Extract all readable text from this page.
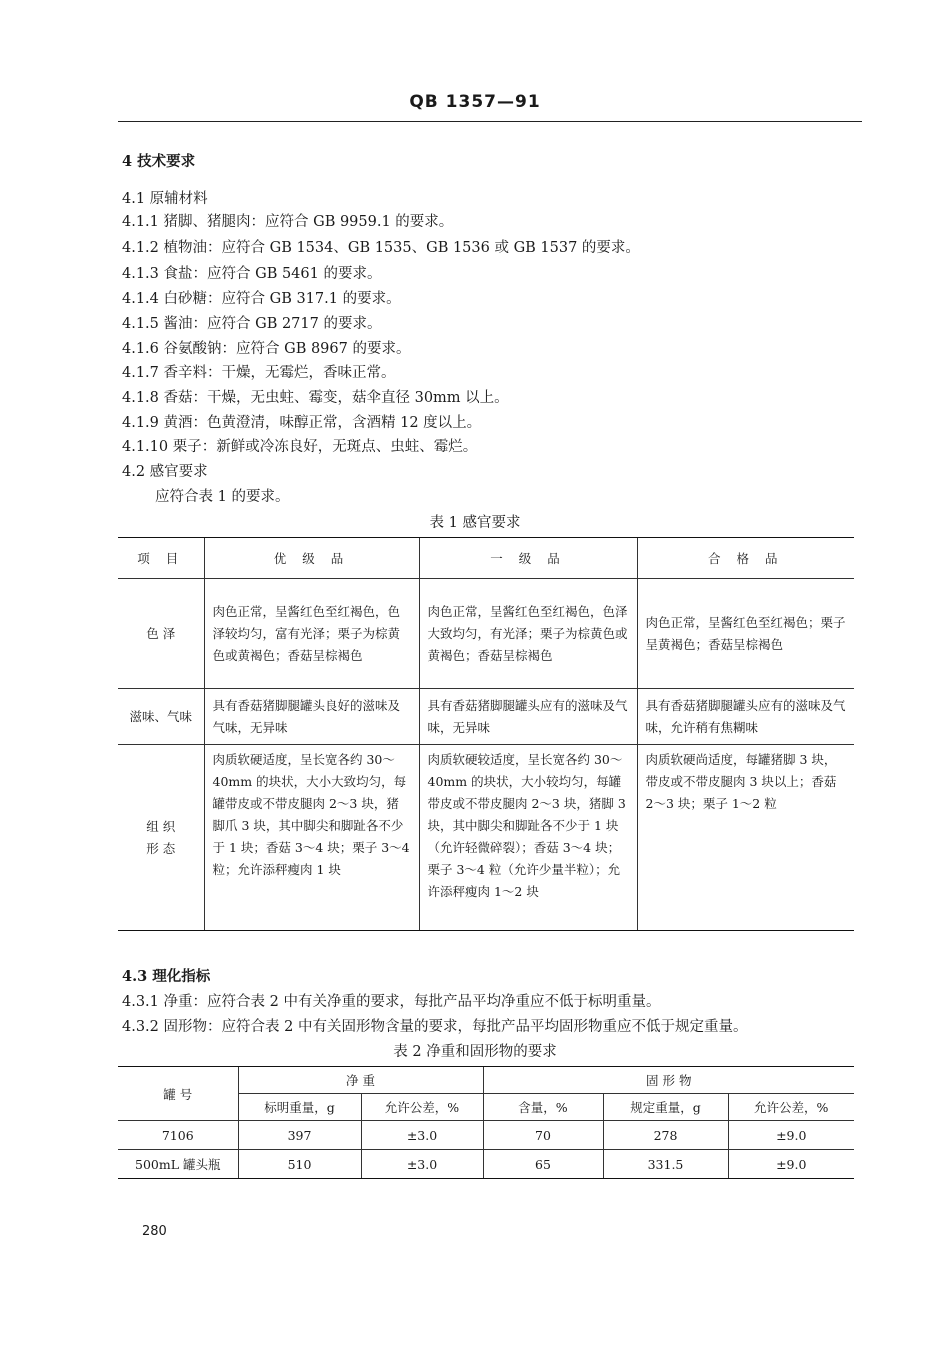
QB 1357—91
4 技术要求
4.1 原辅材料
4.1.1 猪脚、猪腿肉：应符合 GB 9959.1 的要求。
4.1.2 植物油：应符合 GB 1534、GB 1535、GB 1536 或 GB 1537 的要求。
4.1.3 食盐：应符合 GB 5461 的要求。
4.1.4 白砂糖：应符合 GB 317.1 的要求。
4.1.5 酱油：应符合 GB 2717 的要求。
4.1.6 谷氨酸钠：应符合 GB 8967 的要求。
4.1.7 香辛料：干燥，无霉烂，香味正常。
4.1.8 香菇：干燥，无虫蛀、霉变，菇伞直径 30mm 以上。
4.1.9 黄酒：色黄澄清，味醇正常，含酒精 12 度以上。
4.1.10 栗子：新鲜或冷冻良好，无斑点、虫蛀、霉烂。
4.2 感官要求
应符合表 1 的要求。
表 1 感官要求
项 目	优 级 品	一 级 品	合 格 品
色 泽	肉色正常，呈酱红色至红褐色，色泽较均匀，富有光泽；栗子为棕黄色或黄褐色；香菇呈棕褐色	肉色正常，呈酱红色至红褐色，色泽大致均匀，有光泽；栗子为棕黄色或黄褐色；香菇呈棕褐色	肉色正常，呈酱红色至红褐色；栗子呈黄褐色；香菇呈棕褐色
滋味、气味	具有香菇猪脚腿罐头良好的滋味及气味，无异味	具有香菇猪脚腿罐头应有的滋味及气味，无异味	具有香菇猪脚腿罐头应有的滋味及气味，允许稍有焦糊味
组 织 形 态	肉质软硬适度，呈长宽各约 30～40mm 的块状，大小大致均匀，每罐带皮或不带皮腿肉 2～3 块，猪脚爪 3 块，其中脚尖和脚趾各不少于 1 块；香菇 3～4 块；栗子 3～4 粒；允许添秤瘦肉 1 块	肉质软硬较适度，呈长宽各约 30～40mm 的块状，大小较均匀，每罐带皮或不带皮腿肉 2～3 块，猪脚 3 块，其中脚尖和脚趾各不少于 1 块（允许轻微碎裂）；香菇 3～4 块；栗子 3～4 粒（允许少量半粒）；允许添秤瘦肉 1～2 块	肉质软硬尚适度，每罐猪脚 3 块，带皮或不带皮腿肉 3 块以上；香菇 2～3 块；栗子 1～2 粒
4.3 理化指标
4.3.1 净重：应符合表 2 中有关净重的要求，每批产品平均净重应不低于标明重量。
4.3.2 固形物：应符合表 2 中有关固形物含量的要求，每批产品平均固形物重应不低于规定重量。
表 2 净重和固形物的要求
罐 号	净 重		固 形 物		
	标明重量，g	允许公差，%	含量，%	规定重量，g	允许公差，%
7106	397	±3.0	70	278	±9.0
500mL 罐头瓶	510	±3.0	65	331.5	±9.0
280
